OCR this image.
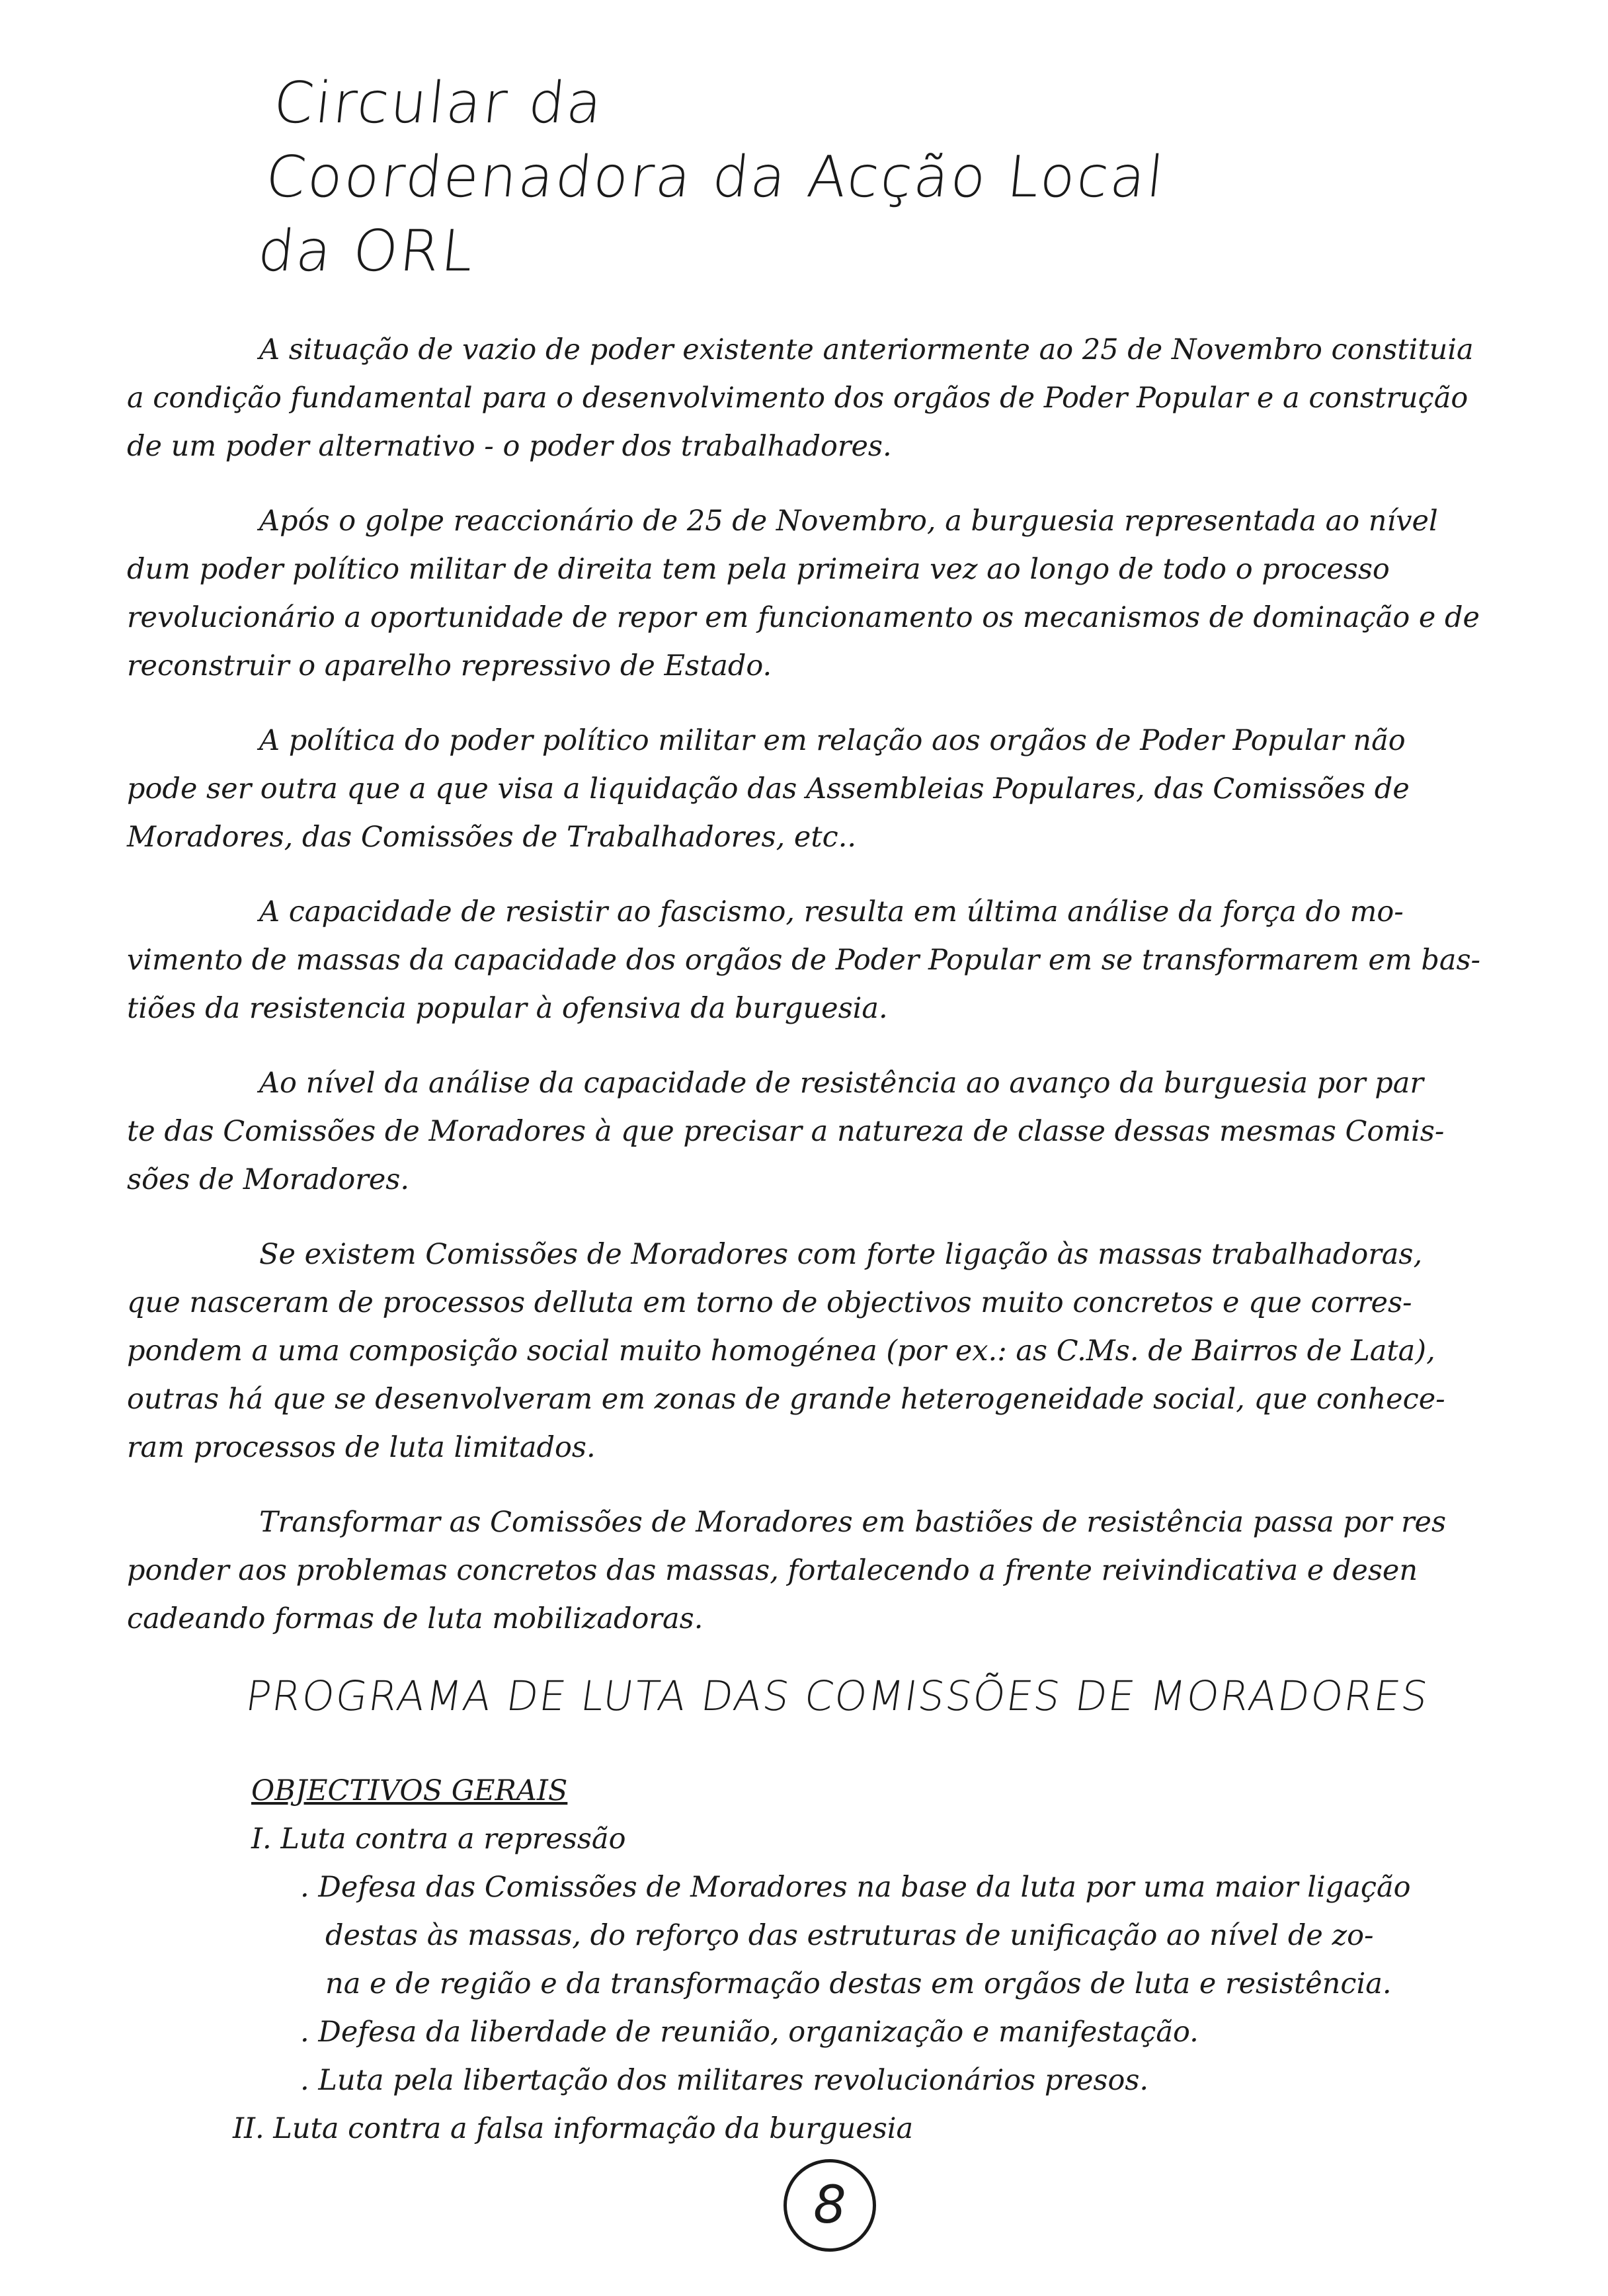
Circular da
Coordenadora da Acção Local
da ORL
A situação de vazio de poder existente anteriormente ao 25 de Novembro constituia
a condição fundamental para o desenvolvimento dos orgãos de Poder Popular e a construção
de um poder alternativo - o poder dos trabalhadores.
Após o golpe reaccionário de 25 de Novembro, a burguesia representada ao nível
dum poder político militar de direita tem pela primeira vez ao longo de todo o processo
revolucionário a oportunidade de repor em funcionamento os mecanismos de dominação e de
reconstruir o aparelho repressivo de Estado.
A política do poder político militar em relação aos orgãos de Poder Popular não
pode ser outra que a que visa a liquidação das Assembleias Populares, das Comissões de
Moradores, das Comissões de Trabalhadores, etc..
A capacidade de resistir ao fascismo, resulta em última análise da força do mo-
vimento de massas da capacidade dos orgãos de Poder Popular em se transformarem em bas-
tiões da resistencia popular à ofensiva da burguesia.
Ao nível da análise da capacidade de resistência ao avanço da burguesia por par
te das Comissões de Moradores à que precisar a natureza de classe dessas mesmas Comis-
sões de Moradores.
Se existem Comissões de Moradores com forte ligação às massas trabalhadoras,
que nasceram de processos delluta em torno de objectivos muito concretos e que corres-
pondem a uma composição social muito homogénea (por ex.: as C.Ms. de Bairros de Lata),
outras há que se desenvolveram em zonas de grande heterogeneidade social, que conhece-
ram processos de luta limitados.
Transformar as Comissões de Moradores em bastiões de resistência passa por res
ponder aos problemas concretos das massas, fortalecendo a frente reivindicativa e desen
cadeando formas de luta mobilizadoras.
PROGRAMA DE LUTA DAS COMISSÕES DE MORADORES
OBJECTIVOS GERAIS
I. Luta contra a repressão
. Defesa das Comissões de Moradores na base da luta por uma maior ligação
destas às massas, do reforço das estruturas de unificação ao nível de zo-
na e de região e da transformação destas em orgãos de luta e resistência.
. Defesa da liberdade de reunião, organização e manifestação.
. Luta pela libertação dos militares revolucionários presos.
II. Luta contra a falsa informação da burguesia
8
